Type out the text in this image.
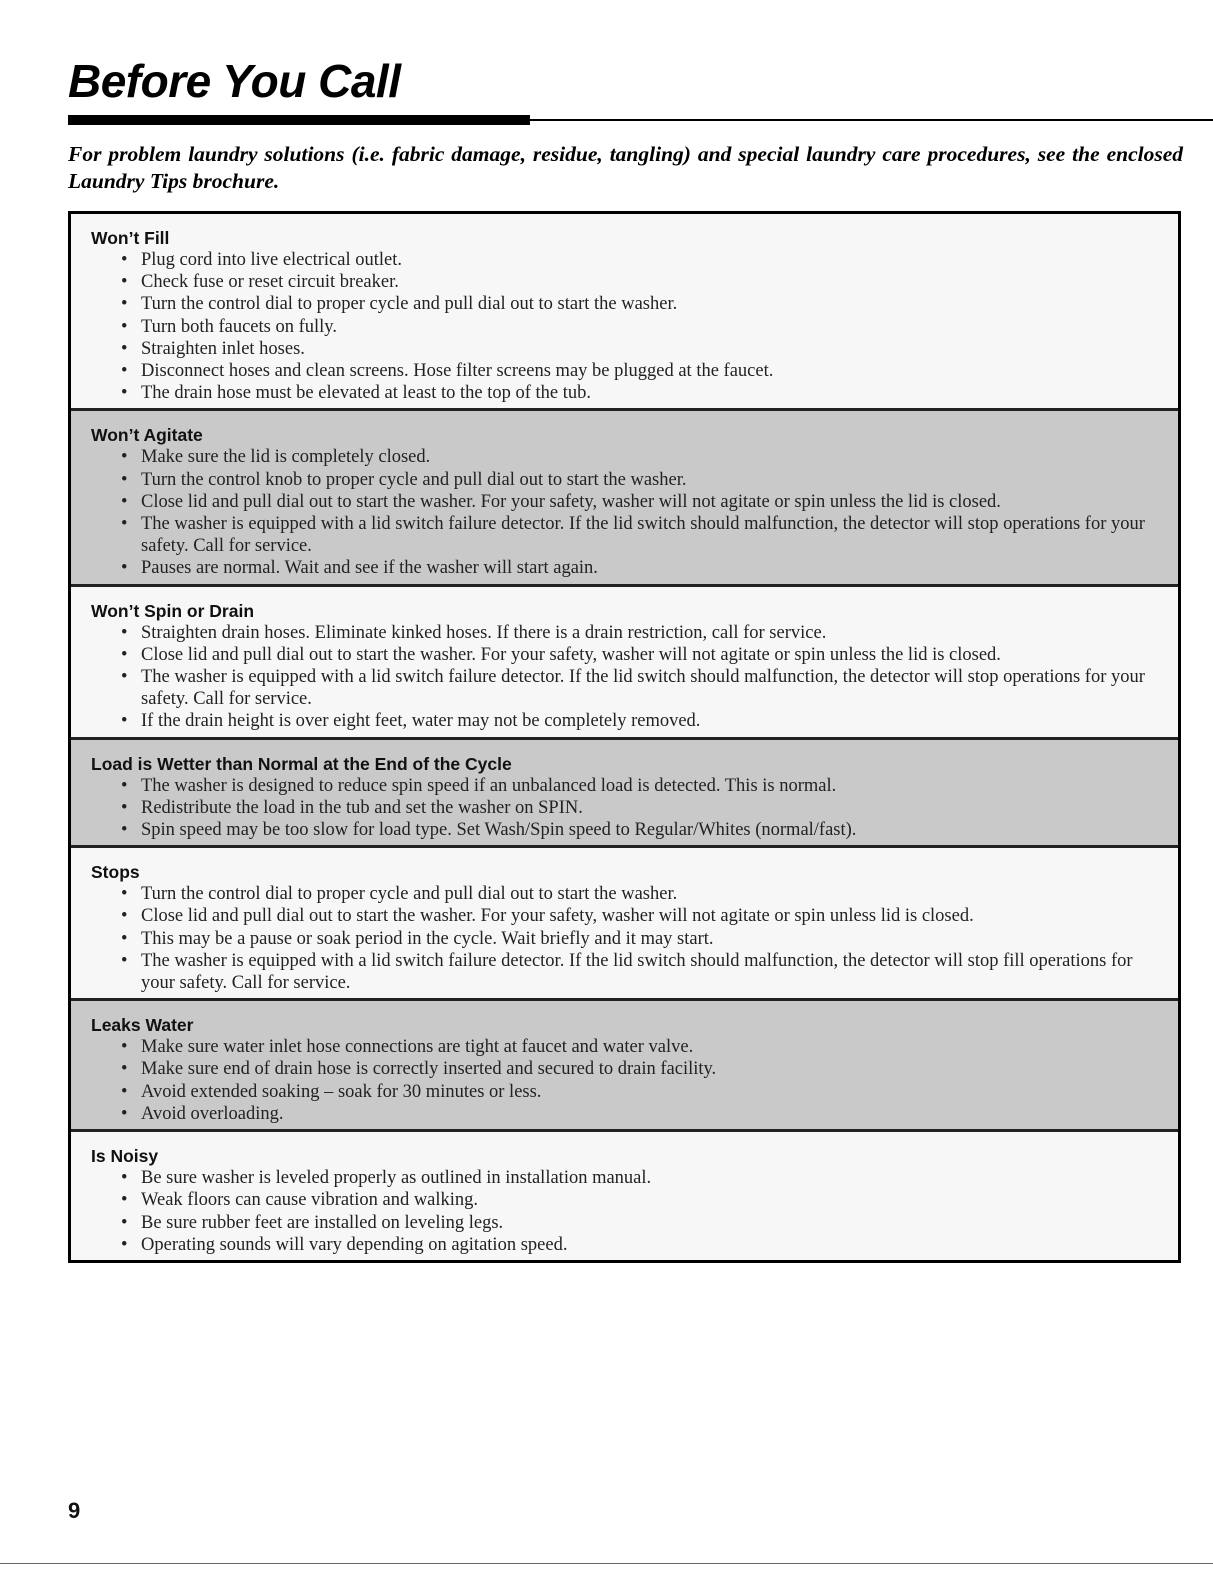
Before You Call

For problem laundry solutions (i.e. fabric damage, residue, tangling) and special laundry care procedures, see the enclosed Laundry Tips brochure.

Won’t Fill
• Plug cord into live electrical outlet.
• Check fuse or reset circuit breaker.
• Turn the control dial to proper cycle and pull dial out to start the washer.
• Turn both faucets on fully.
• Straighten inlet hoses.
• Disconnect hoses and clean screens. Hose filter screens may be plugged at the faucet.
• The drain hose must be elevated at least to the top of the tub.
Won’t Agitate
• Make sure the lid is completely closed.
• Turn the control knob to proper cycle and pull dial out to start the washer.
• Close lid and pull dial out to start the washer. For your safety, washer will not agitate or spin unless the lid is closed.
• The washer is equipped with a lid switch failure detector. If the lid switch should malfunction, the detector will stop operations for your safety. Call for service.
• Pauses are normal. Wait and see if the washer will start again.
Won’t Spin or Drain
• Straighten drain hoses. Eliminate kinked hoses. If there is a drain restriction, call for service.
• Close lid and pull dial out to start the washer. For your safety, washer will not agitate or spin unless the lid is closed.
• The washer is equipped with a lid switch failure detector. If the lid switch should malfunction, the detector will stop operations for your safety. Call for service.
• If the drain height is over eight feet, water may not be completely removed.
Load is Wetter than Normal at the End of the Cycle
• The washer is designed to reduce spin speed if an unbalanced load is detected. This is normal.
• Redistribute the load in the tub and set the washer on SPIN.
• Spin speed may be too slow for load type. Set Wash/Spin speed to Regular/Whites (normal/fast).
Stops
• Turn the control dial to proper cycle and pull dial out to start the washer.
• Close lid and pull dial out to start the washer. For your safety, washer will not agitate or spin unless lid is closed.
• This may be a pause or soak period in the cycle. Wait briefly and it may start.
• The washer is equipped with a lid switch failure detector. If the lid switch should malfunction, the detector will stop fill operations for your safety. Call for service.
Leaks Water
• Make sure water inlet hose connections are tight at faucet and water valve.
• Make sure end of drain hose is correctly inserted and secured to drain facility.
• Avoid extended soaking – soak for 30 minutes or less.
• Avoid overloading.
Is Noisy
• Be sure washer is leveled properly as outlined in installation manual.
• Weak floors can cause vibration and walking.
• Be sure rubber feet are installed on leveling legs.
• Operating sounds will vary depending on agitation speed.
9
